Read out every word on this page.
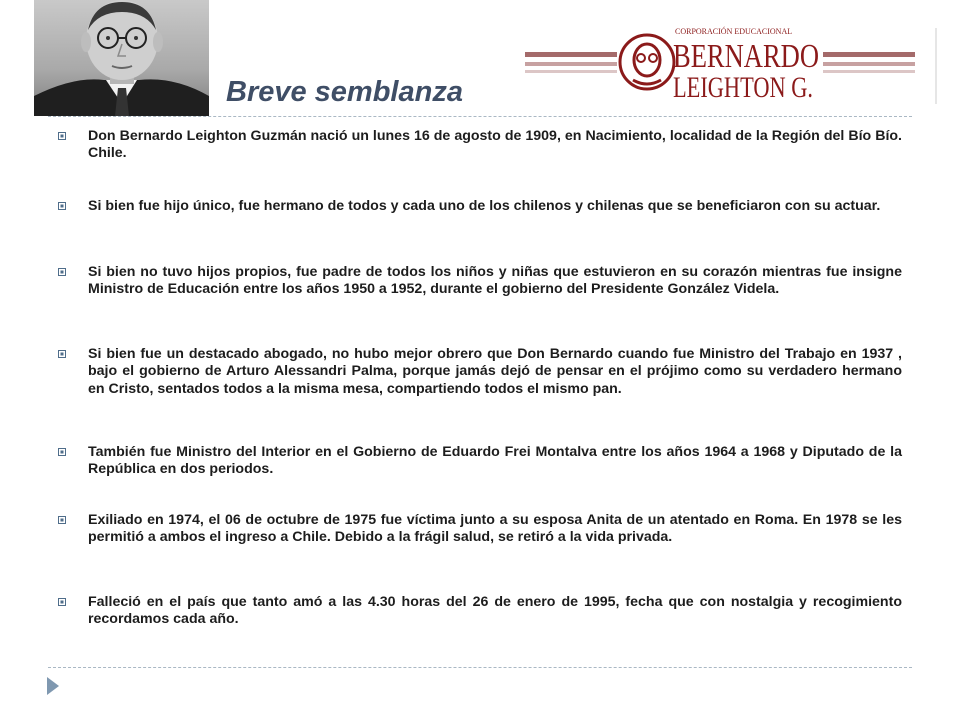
Breve semblanza
CORPORACIÓN EDUCACIONAL
BERNARDO
LEIGHTON G.

Don Bernardo Leighton Guzmán nació un lunes 16 de agosto de 1909, en Nacimiento, localidad de la Región del Bío Bío. Chile.

Si bien fue hijo único, fue hermano de todos y cada uno de los chilenos y chilenas que se beneficiaron con su actuar.

Si bien no tuvo hijos propios, fue padre de todos los niños y niñas que estuvieron en su corazón mientras fue insigne Ministro de Educación entre los años 1950 a 1952, durante el gobierno del Presidente González Videla.

Si bien fue un destacado abogado, no hubo mejor obrero que Don Bernardo cuando fue Ministro del Trabajo en 1937 , bajo el gobierno de Arturo Alessandri Palma, porque jamás dejó de pensar en el prójimo como su verdadero hermano en Cristo, sentados todos a la misma mesa, compartiendo todos el mismo pan.

También fue Ministro del Interior en el Gobierno de Eduardo Frei Montalva entre los años 1964 a 1968 y Diputado de la República en dos periodos.

Exiliado en 1974, el 06 de octubre de 1975 fue víctima junto a su esposa Anita de un atentado en Roma. En 1978 se les permitió a ambos el ingreso a Chile. Debido a la frágil salud, se retiró a la vida privada.

Falleció en el país que tanto amó a las 4.30 horas del 26 de enero de 1995, fecha que con nostalgia y recogimiento recordamos cada año.
